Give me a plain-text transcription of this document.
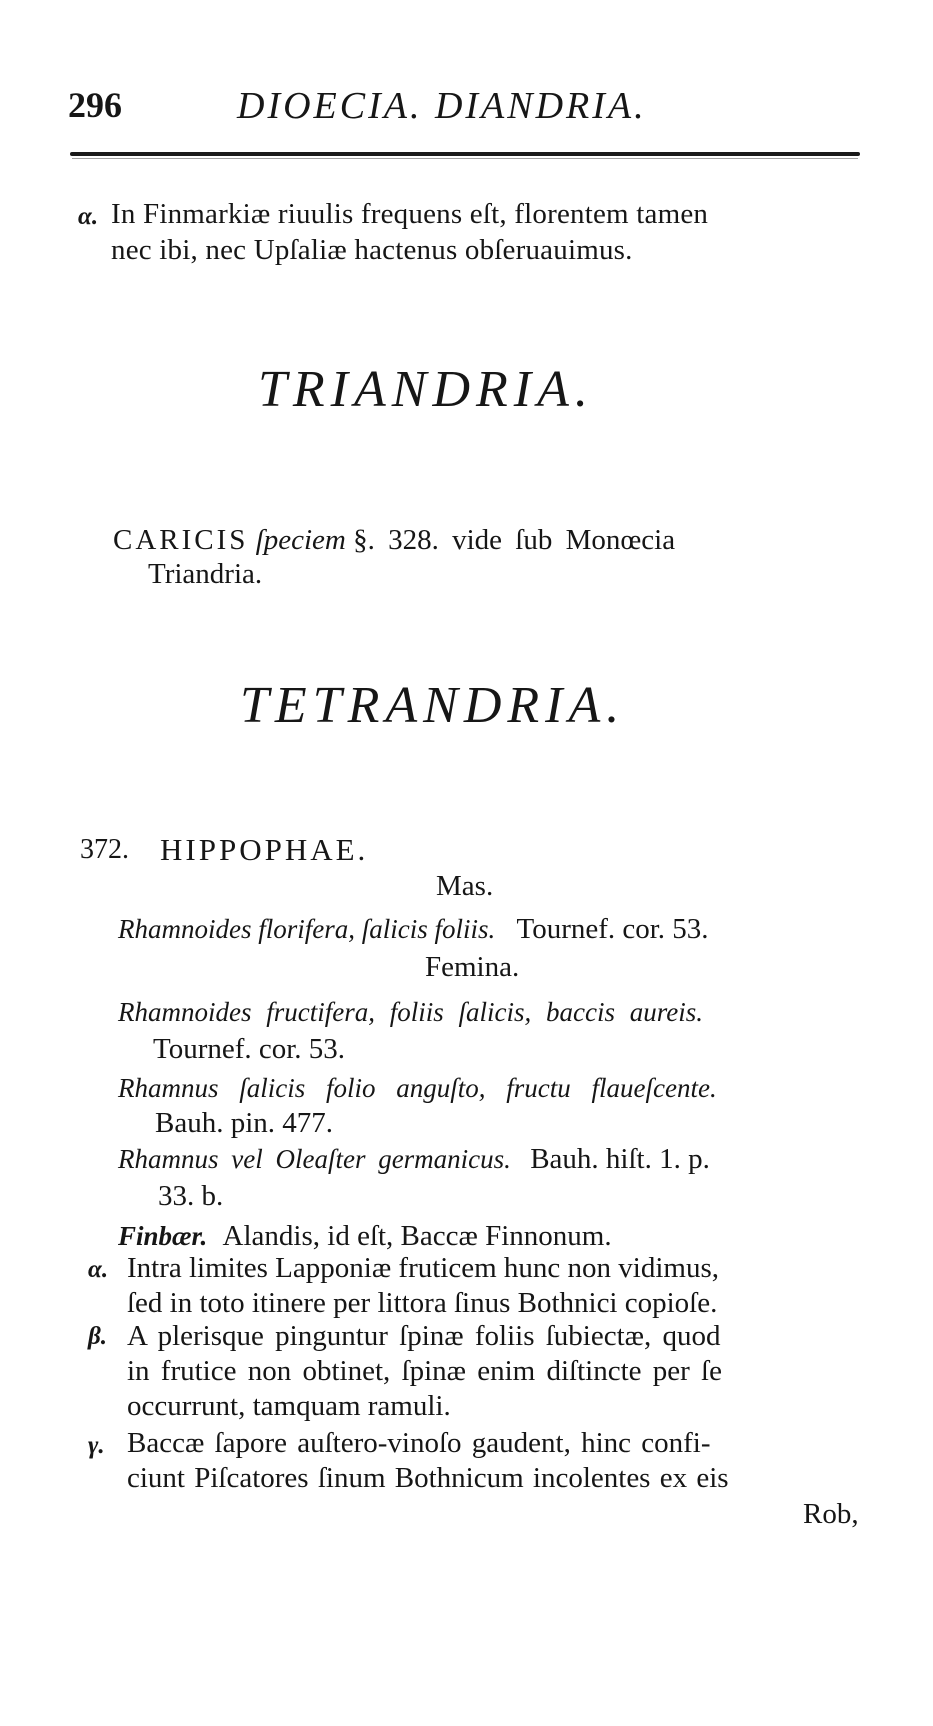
296	DIOECIA. DIANDRIA.
α. In Finmarkiæ riuulis frequens eſt, florentem tamen
nec ibi, nec Upſaliæ hactenus obſeruauimus.
TRIANDRIA.
CARICIS ſpeciem §. 328. vide ſub Monœcia
Triandria.
TETRANDRIA.
372. HIPPOPHAE.
Mas.
Rhamnoides florifera, ſalicis foliis. Tournef. cor. 53.
Femina.
Rhamnoides fructifera, foliis ſalicis, baccis aureis.
Tournef. cor. 53.
Rhamnus ſalicis folio anguſto, fructu flaueſcente.
Bauh. pin. 477.
Rhamnus vel Oleaſter germanicus. Bauh. hiſt. 1. p.
33. b.
Finbær. Alandis, id eſt, Baccæ Finnonum.
α. Intra limites Lapponiæ fruticem hunc non vidimus,
ſed in toto itinere per littora ſinus Bothnici copioſe.
β. A plerisque pinguntur ſpinæ foliis ſubiectæ, quod
in frutice non obtinet, ſpinæ enim diſtincte per ſe
occurrunt, tamquam ramuli.
γ. Baccæ ſapore auſtero-vinoſo gaudent, hinc confi-
ciunt Piſcatores ſinum Bothnicum incolentes ex eis
Rob,
